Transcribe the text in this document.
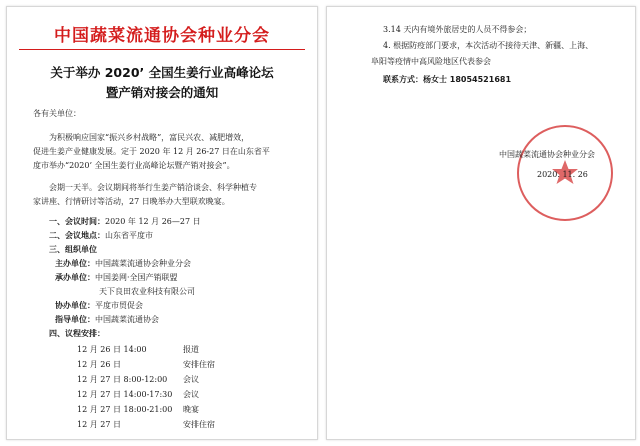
中国蔬菜流通协会种业分会
关于举办 2020’ 全国生姜行业高峰论坛
暨产销对接会的通知
各有关单位：
为积极响应国家“振兴乡村战略”，富民兴农、减肥增效，
促进生姜产业健康发展。定于 2020 年 12 月 26-27 日在山东省平
度市举办“2020’ 全国生姜行业高峰论坛暨产销对接会”。
会期一天半。会议期间将举行生姜产销洽谈会、科学种植专
家讲座、行情研讨等活动，27 日晚举办大型联欢晚宴。
一、会议时间：2020 年 12 月 26—27 日
二、会议地点：山东省平度市
三、组织单位
主办单位：中国蔬菜流通协会种业分会
承办单位：中国姜网·全国产销联盟
天下良田农业科技有限公司
协办单位：平度市贸促会
指导单位：中国蔬菜流通协会
四、议程安排：
12 月 26 日 14:00	报道
12 月 26 日	安排住宿
12 月 27 日 8:00-12:00 会议
12 月 27 日 14:00-17:30 会议
12 月 27 日 18:00-21:00 晚宴
12 月 27 日	安排住宿
3.14 天内有境外旅居史的人员不得参会；
4. 根据防疫部门要求，本次活动不接待天津、新疆、上海、
阜阳等疫情中高风险地区代表参会
联系方式：杨女士 18054521681
中国蔬菜流通协会种业分会
2020. 11. 26
